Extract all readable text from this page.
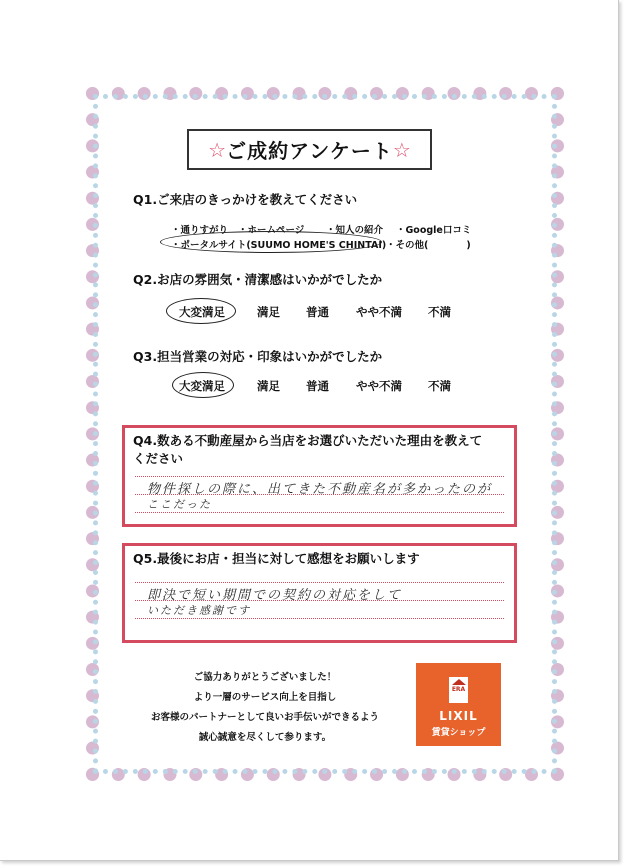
☆ ご成約アンケート ☆
Q1.ご来店のきっかけを教えてください
・通りすがり ・ホームページ ・知人の紹介 ・Google口コミ
・ポータルサイト(SUUMO HOME'S CHINTAI) ・その他(　　　　)
Q2.お店の雰囲気・清潔感はいかがでしたか
大変満足	満足 普通 やや不満 不満
Q3.担当営業の対応・印象はいかがでしたか
大変満足	満足 普通 やや不満 不満
Q4.数ある不動産屋から当店をお選びいただいた理由を教えて
ください
物件探しの際に、出てきた不動産名が多かったのが
ここだった
Q5.最後にお店・担当に対して感想をお願いします
即決で短い期間での契約の対応をして
いただき感謝です
ご協力ありがとうございました！
より一層のサービス向上を目指し
お客様のパートナーとして良いお手伝いができるよう
誠心誠意を尽くして参ります。
ERA
LIXIL
賃貸ショップ
